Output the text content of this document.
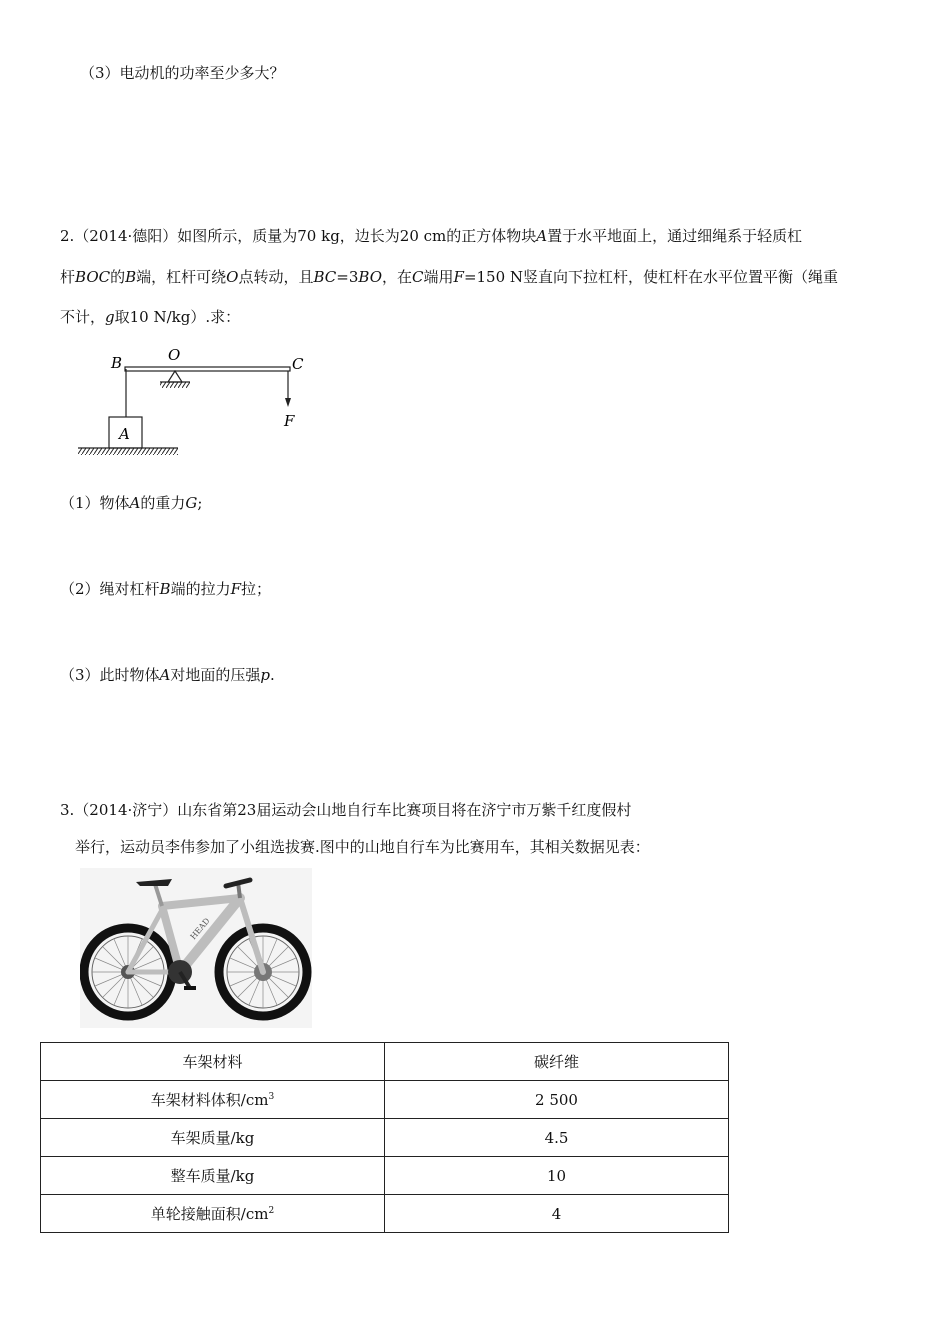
（3）电动机的功率至少多大？
2.（2014·德阳）如图所示，质量为70 kg，边长为20 cm的正方体物块A置于水平地面上，通过细绳系于轻质杠
杆BOC的B端，杠杆可绕O点转动，且BC=3BO，在C端用F=150 N竖直向下拉杠杆，使杠杆在水平位置平衡（绳重
不计，g取10 N/kg）.求：
B	O	C
F
A
（1）物体A的重力G;
（2）绳对杠杆B端的拉力F拉；
（3）此时物体A对地面的压强p.
3.（2014·济宁）山东省第23届运动会山地自行车比赛项目将在济宁市万紫千红度假村
举行，运动员李伟参加了小组选拔赛.图中的山地自行车为比赛用车，其相关数据见表：
HEAD
车架材料	碳纤维
车架材料体积$/cm^3$	2 500
车架质量/kg	4.5
整车质量/kg	10
单轮接触面积$/cm^2$	4
